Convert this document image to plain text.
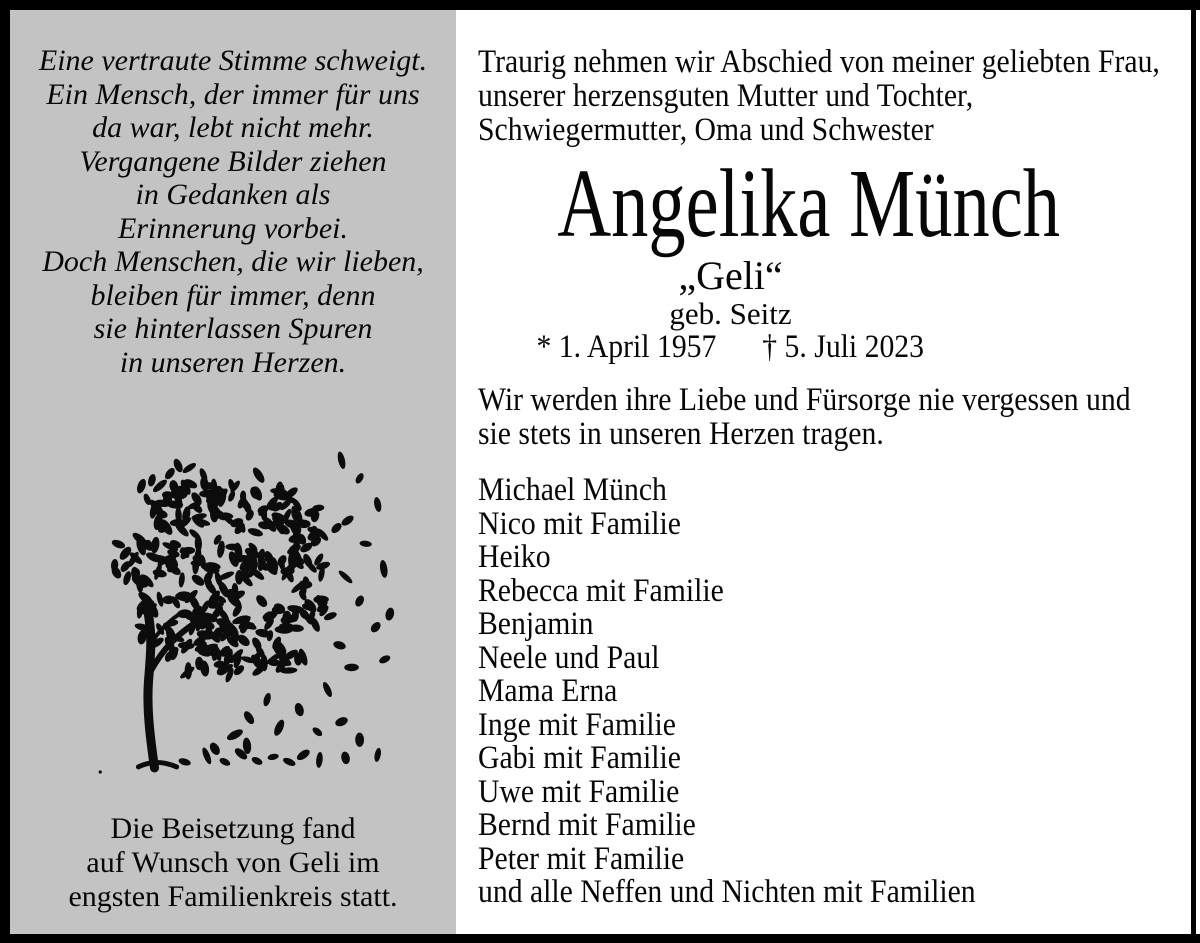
Eine vertraute Stimme schweigt.
Ein Mensch, der immer für uns
da war, lebt nicht mehr.
Vergangene Bilder ziehen
in Gedanken als
Erinnerung vorbei.
Doch Menschen, die wir lieben,
bleiben für immer, denn
sie hinterlassen Spuren
in unseren Herzen.
Die Beisetzung fand
auf Wunsch von Geli im
engsten Familienkreis statt.
Traurig nehmen wir Abschied von meiner geliebten Frau,
unserer herzensguten Mutter und Tochter,
Schwiegermutter, Oma und Schwester
Angelika Münch
„Geli“
geb. Seitz
* 1. April 1957 † 5. Juli 2023
Wir werden ihre Liebe und Fürsorge nie vergessen und
sie stets in unseren Herzen tragen.
Michael Münch
Nico mit Familie
Heiko
Rebecca mit Familie
Benjamin
Neele und Paul
Mama Erna
Inge mit Familie
Gabi mit Familie
Uwe mit Familie
Bernd mit Familie
Peter mit Familie
und alle Neffen und Nichten mit Familien
